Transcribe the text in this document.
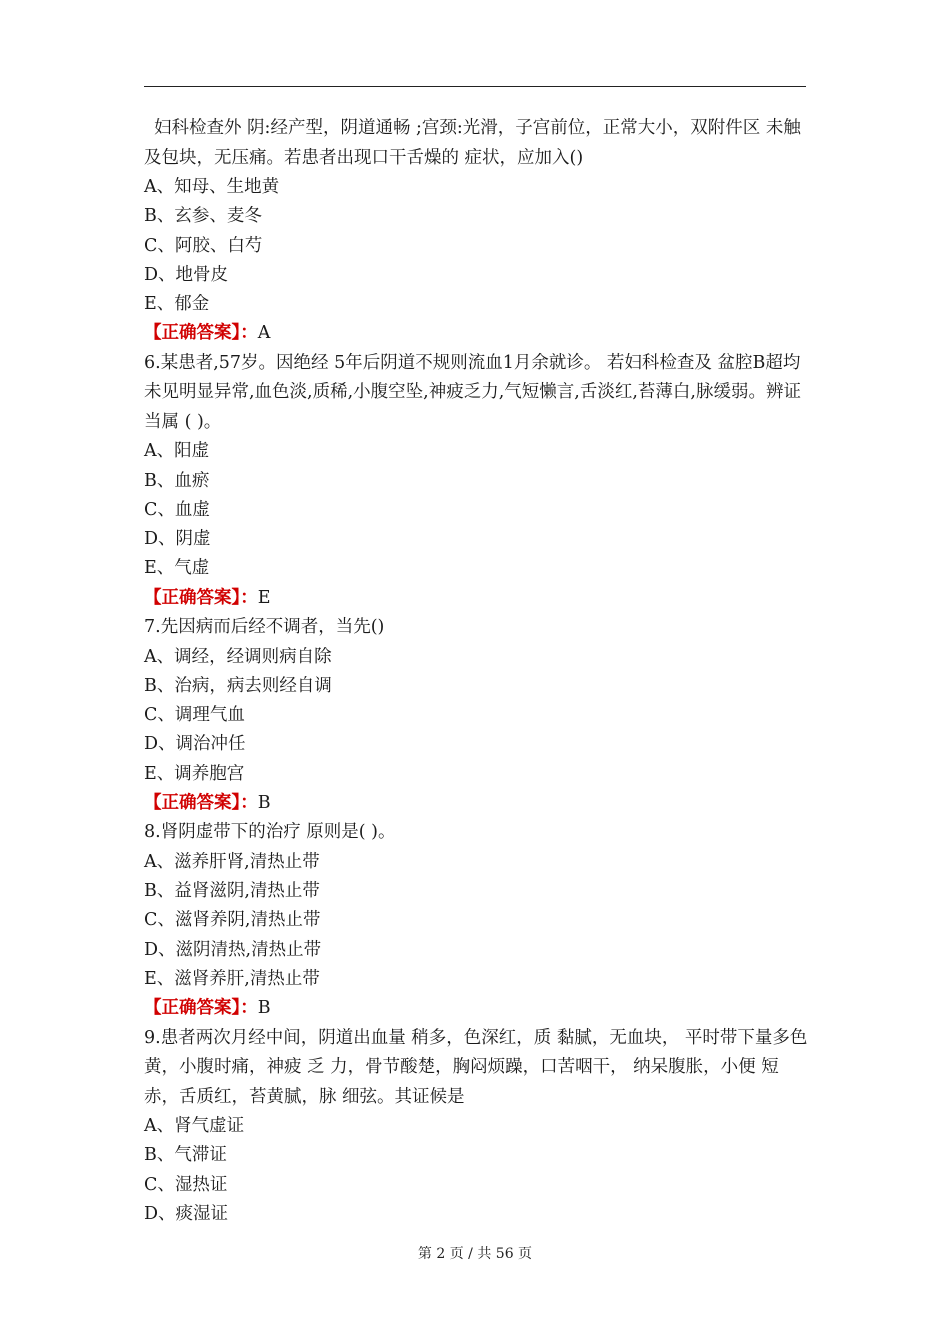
妇科检查外 阴:经产型，阴道通畅 ;宫颈:光滑，子宫前位，正常大小，双附件区 未触及包块，无压痛。若患者出现口干舌燥的 症状，应加入()

A、知母、生地黄

B、玄参、麦冬

C、阿胶、白芍

D、地骨皮

E、郁金

【正确答案】：A

6.某患者,57岁。因绝经 5年后阴道不规则流血1月余就诊。 若妇科检查及 盆腔B超均未见明显异常,血色淡,质稀,小腹空坠,神疲乏力,气短懒言,舌淡红,苔薄白,脉缓弱。辨证当属 ( )。

A、阳虚

B、血瘀

C、血虚

D、阴虚

E、气虚

【正确答案】：E

7.先因病而后经不调者，当先()

A、调经，经调则病自除

B、治病，病去则经自调

C、调理气血

D、调治冲任

E、调养胞宫

【正确答案】：B

8.肾阴虚带下的治疗 原则是( )。

A、滋养肝肾,清热止带

B、益肾滋阴,清热止带

C、滋肾养阴,清热止带

D、滋阴清热,清热止带

E、滋肾养肝,清热止带

【正确答案】：B

9.患者两次月经中间，阴道出血量 稍多，色深红，质 黏腻，无血块， 平时带下量多色黄，小腹时痛，神疲 乏 力，骨节酸楚，胸闷烦躁，口苦咽干， 纳呆腹胀，小便 短赤，舌质红，苔黄腻，脉 细弦。其证候是

A、肾气虚证

B、气滞证

C、湿热证

D、痰湿证

第 2 页 / 共 56 页
